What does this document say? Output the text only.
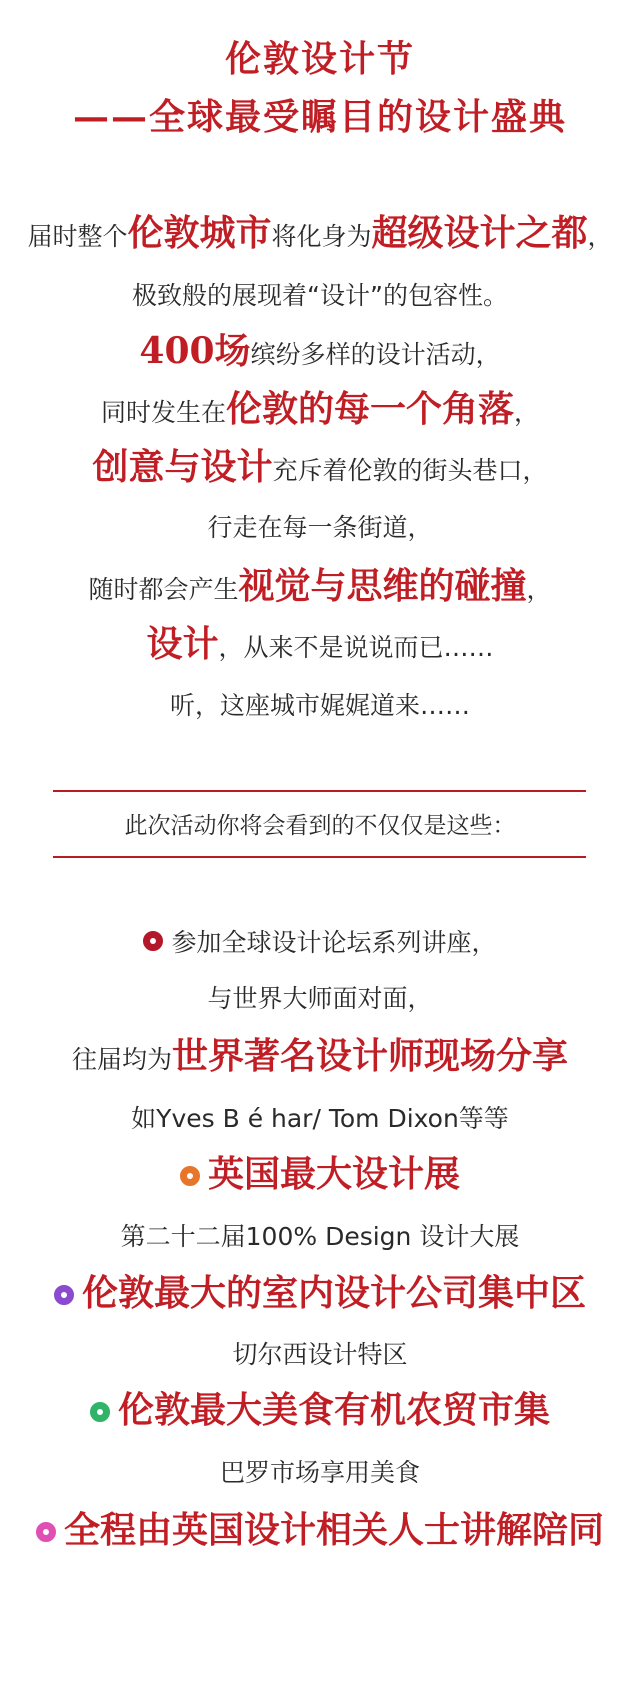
伦敦设计节
——全球最受瞩目的设计盛典
届时整个伦敦城市将化身为超级设计之都，
极致般的展现着“设计”的包容性。
400场缤纷多样的设计活动，
同时发生在伦敦的每一个角落，
创意与设计充斥着伦敦的街头巷口，
行走在每一条街道，
随时都会产生视觉与思维的碰撞，
设计，从来不是说说而已……
听，这座城市娓娓道来……
此次活动你将会看到的不仅仅是这些：
参加全球设计论坛系列讲座，
与世界大师面对面，
往届均为世界著名设计师现场分享
如Yves B é har/ Tom Dixon等等
英国最大设计展
第二十二届100% Design 设计大展
伦敦最大的室内设计公司集中区
切尔西设计特区
伦敦最大美食有机农贸市集
巴罗市场享用美食
全程由英国设计相关人士讲解陪同
